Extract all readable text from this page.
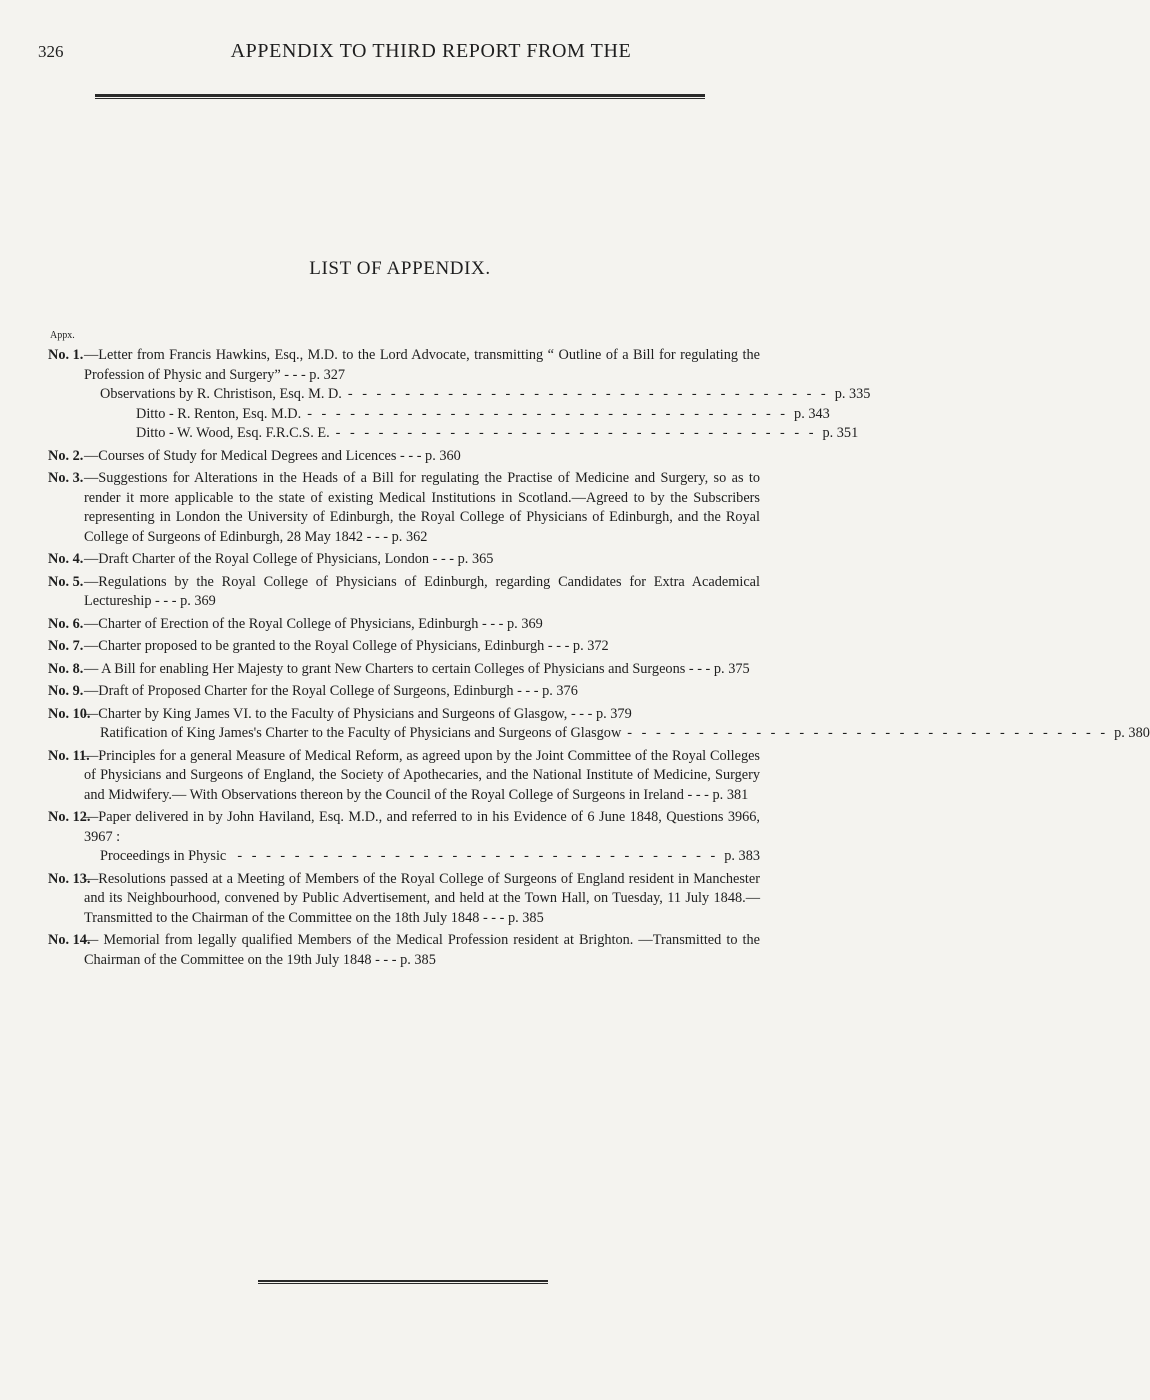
326	APPENDIX TO THIRD REPORT FROM THE
LIST OF APPENDIX.
Appx.
No. 1. —Letter from Francis Hawkins, Esq., M.D. to the Lord Advocate, transmitting “ Outline of a Bill for regulating the Profession of Physic and Surgery” - - - p. 327
Observations by R. Christison, Esq. M. D. - - - - - - - - - - - - - - - - - - - - - - - - - - - - - - - - - - p. 335
Ditto - R. Renton, Esq. M.D. - - - - - - - - - - - - - - - - - - - - - - - - - - - - - - - - - - p. 343
Ditto - W. Wood, Esq. F.R.C.S. E. - - - - - - - - - - - - - - - - - - - - - - - - - - - - - - - - - - p. 351
No. 2. —Courses of Study for Medical Degrees and Licences - - - p. 360
No. 3. —Suggestions for Alterations in the Heads of a Bill for regulating the Practise of Medicine and Surgery, so as to render it more applicable to the state of existing Medical Institutions in Scotland.—Agreed to by the Subscribers representing in London the University of Edinburgh, the Royal College of Physicians of Edinburgh, and the Royal College of Surgeons of Edinburgh, 28 May 1842 - - - p. 362
No. 4. —Draft Charter of the Royal College of Physicians, London - - - p. 365
No. 5. —Regulations by the Royal College of Physicians of Edinburgh, regarding Candidates for Extra Academical Lectureship - - - p. 369
No. 6. —Charter of Erection of the Royal College of Physicians, Edinburgh - - - p. 369
No. 7. —Charter proposed to be granted to the Royal College of Physicians, Edinburgh - - - p. 372
No. 8. — A Bill for enabling Her Majesty to grant New Charters to certain Colleges of Physicians and Surgeons - - - p. 375
No. 9. —Draft of Proposed Charter for the Royal College of Surgeons, Edinburgh - - - p. 376
No. 10.
—Charter by King James VI. to the Faculty of Physicians and Surgeons of Glasgow, - - - p. 379
Ratification of King James's Charter to the Faculty of Physicians and Surgeons of Glasgow - - - - - - - - - - - - - - - - - - - - - - - - - - - - - - - - - - p. 380
No. 11.
—Principles for a general Measure of Medical Reform, as agreed upon by the Joint Committee of the Royal Colleges of Physicians and Surgeons of England, the Society of Apothecaries, and the National Institute of Medicine, Surgery and Midwifery.— With Observations thereon by the Council of the Royal College of Surgeons in Ireland - - - p. 381
No. 12.
—Paper delivered in by John Haviland, Esq. M.D., and referred to in his Evidence of 6 June 1848, Questions 3966, 3967 :
Proceedings in Physic - - - - - - - - - - - - - - - - - - - - - - - - - - - - - - - - - - p. 383
No. 13.
—Resolutions passed at a Meeting of Members of the Royal College of Surgeons of England resident in Manchester and its Neighbourhood, convened by Public Advertisement, and held at the Town Hall, on Tuesday, 11 July 1848.—Transmitted to the Chairman of the Committee on the 18th July 1848 - - - p. 385
No. 14.
— Memorial from legally qualified Members of the Medical Profession resident at Brighton. —Transmitted to the Chairman of the Committee on the 19th July 1848 - - - p. 385
